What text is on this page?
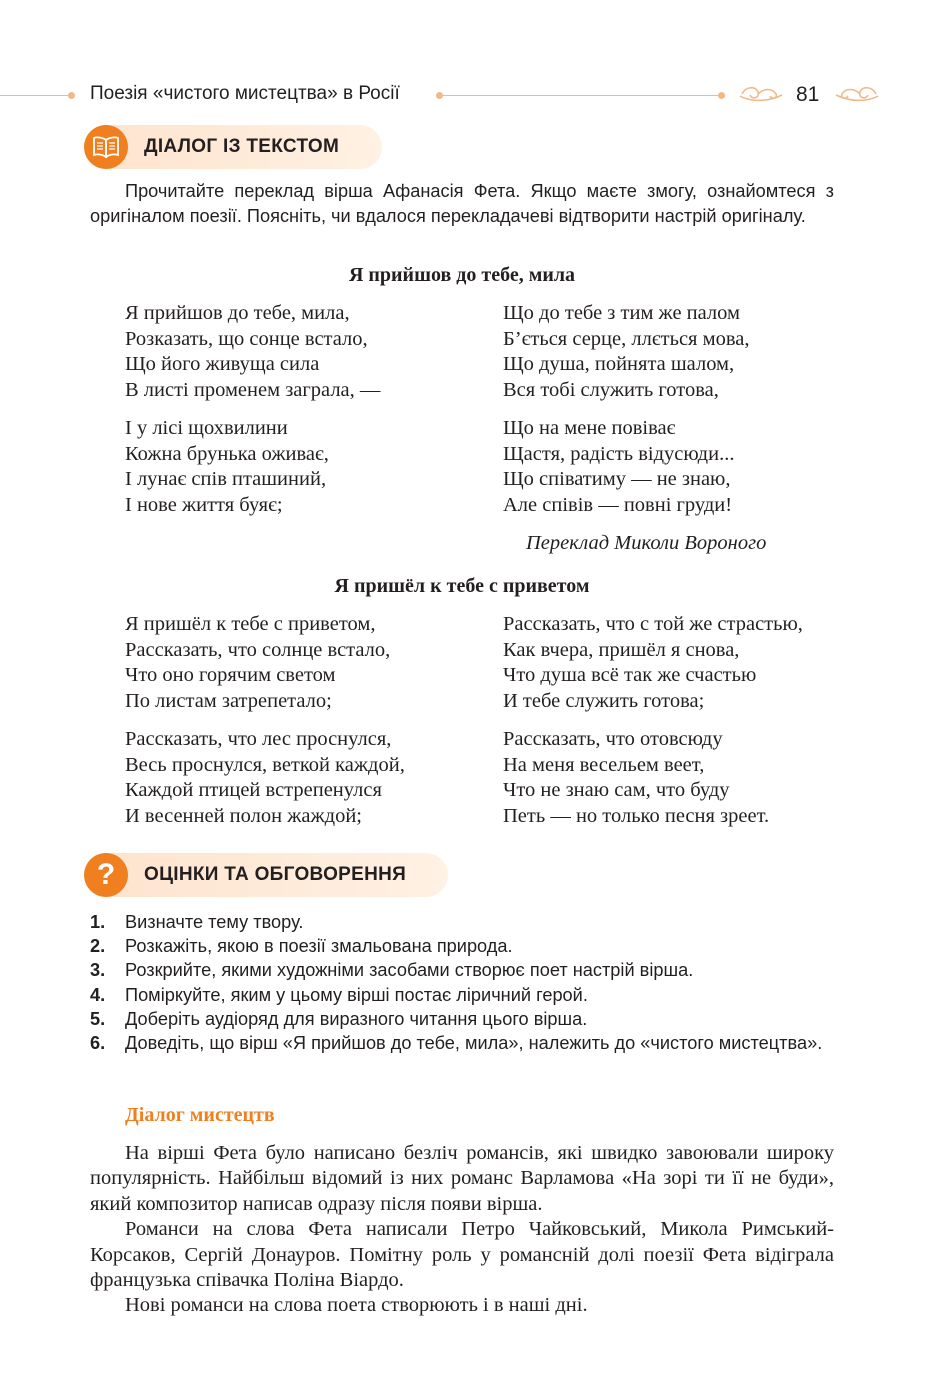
Поезія «чистого мистецтва» в Росії	81
ДІАЛОГ ІЗ ТЕКСТОМ
Прочитайте переклад вірша Афанасія Фета. Якщо маєте змогу, ознайомтеся з оригіналом поезії. Поясніть, чи вдалося перекладачеві відтворити настрій оригіналу.
Я прийшов до тебе, мила
Я прийшов до тебе, мила,
Розказать, що сонце встало,
Що його живуща сила
В листі променем заграла, —
Що до тебе з тим же палом
Б’ється серце, ллється мова,
Що душа, пойнята шалом,
Вся тобі служить готова,
І у лісі щохвилини
Кожна брунька оживає,
І лунає спів пташиний,
І нове життя буяє;
Що на мене повіває
Щастя, радість відусюди...
Що співатиму — не знаю,
Але співів — повні груди!
Переклад Миколи Вороного
Я пришёл к тебе с приветом
Я пришёл к тебе с приветом,
Рассказать, что солнце встало,
Что оно горячим светом
По листам затрепетало;
Рассказать, что с той же страстью,
Как вчера, пришёл я снова,
Что душа всё так же счастью
И тебе служить готова;
Рассказать, что лес проснулся,
Весь проснулся, веткой каждой,
Каждой птицей встрепенулся
И весенней полон жаждой;
Рассказать, что отовсюду
На меня весельем веет,
Что не знаю сам, что буду
Петь — но только песня зреет.
? ОЦІНКИ ТА ОБГОВОРЕННЯ
1. Визначте тему твору.
2. Розкажіть, якою в поезії змальована природа.
3. Розкрийте, якими художніми засобами створює поет настрій вірша.
4. Поміркуйте, яким у цьому вірші постає ліричний герой.
5. Доберіть аудіоряд для виразного читання цього вірша.
6. Доведіть, що вірш «Я прийшов до тебе, мила», належить до «чистого мистецтва».
Діалог мистецтв

На вірші Фета було написано безліч романсів, які швидко завоювали широку популярність. Найбільш відомий із них романс Варламова «На зорі ти її не буди», який композитор написав одразу після появи вірша.

Романси на слова Фета написали Петро Чайковський, Микола Римський-Корсаков, Сергій Донауров. Помітну роль у романсній долі поезії Фета відіграла французька співачка Поліна Віардо.

Нові романси на слова поета створюють і в наші дні.
